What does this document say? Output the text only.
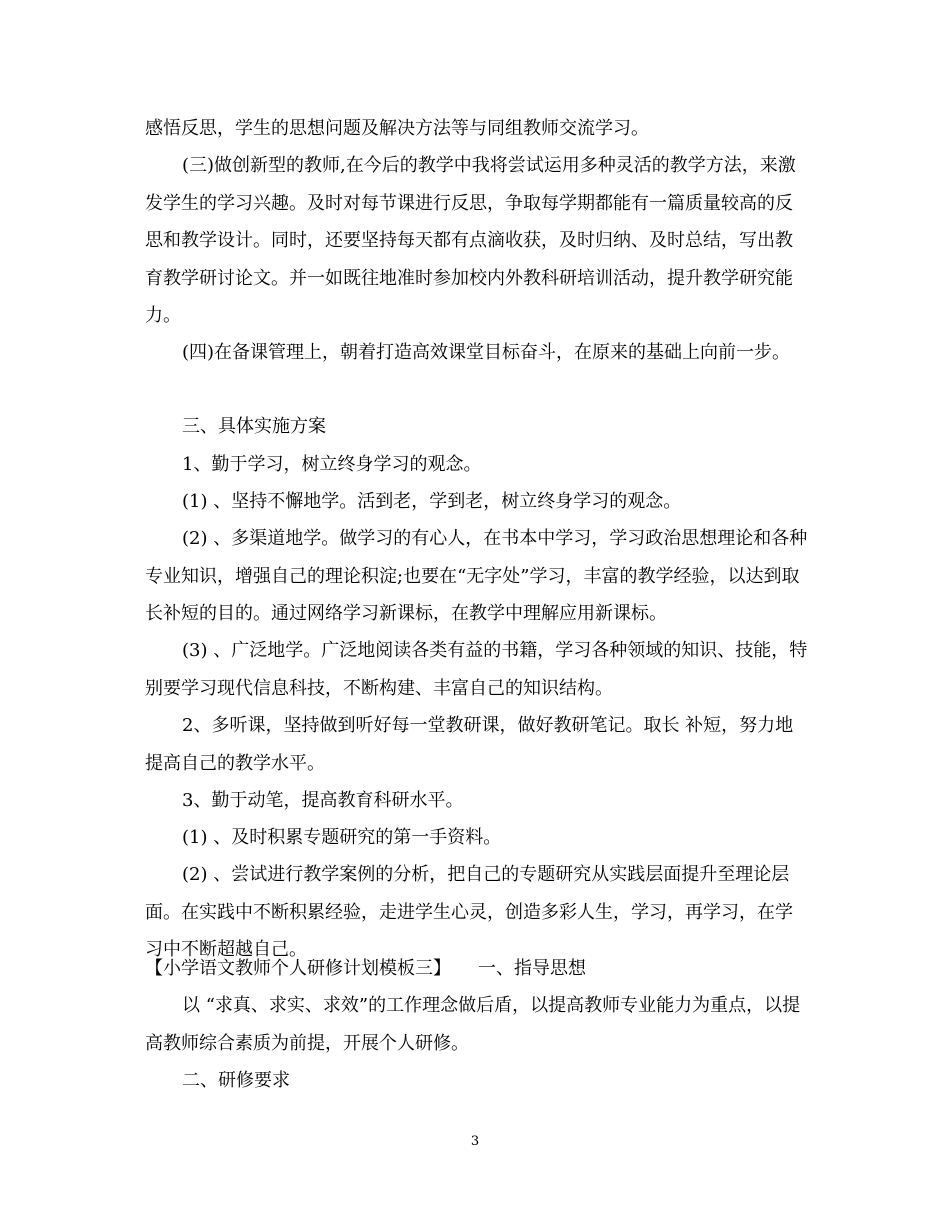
感悟反思，学生的思想问题及解决方法等与同组教师交流学习。

(三)做创新型的教师,在今后的教学中我将尝试运用多种灵活的教学方法，来激发学生的学习兴趣。及时对每节课进行反思，争取每学期都能有一篇质量较高的反思和教学设计。同时，还要坚持每天都有点滴收获，及时归纳、及时总结，写出教育教学研讨论文。并一如既往地准时参加校内外教科研培训活动，提升教学研究能力。

(四)在备课管理上，朝着打造高效课堂目标奋斗，在原来的基础上向前一步。

三、具体实施方案

1、勤于学习，树立终身学习的观念。

(1) 、坚持不懈地学。活到老，学到老，树立终身学习的观念。

(2) 、多渠道地学。做学习的有心人，在书本中学习，学习政治思想理论和各种专业知识，增强自己的理论积淀;也要在“无字处”学习，丰富的教学经验，以达到取长补短的目的。通过网络学习新课标，在教学中理解应用新课标。

(3) 、广泛地学。广泛地阅读各类有益的书籍，学习各种领域的知识、技能，特别要学习现代信息科技，不断构建、丰富自己的知识结构。

2、多听课，坚持做到听好每一堂教研课，做好教研笔记。取长 补短，努力地提高自己的教学水平。

3、勤于动笔，提高教育科研水平。

(1) 、及时积累专题研究的第一手资料。

(2) 、尝试进行教学案例的分析，把自己的专题研究从实践层面提升至理论层面。在实践中不断积累经验，走进学生心灵，创造多彩人生，学习，再学习，在学习中不断超越自己。

【小学语文教师个人研修计划模板三】　　一、指导思想

以 “求真、求实、求效”的工作理念做后盾，以提高教师专业能力为重点，以提高教师综合素质为前提，开展个人研修。

二、研修要求

3
